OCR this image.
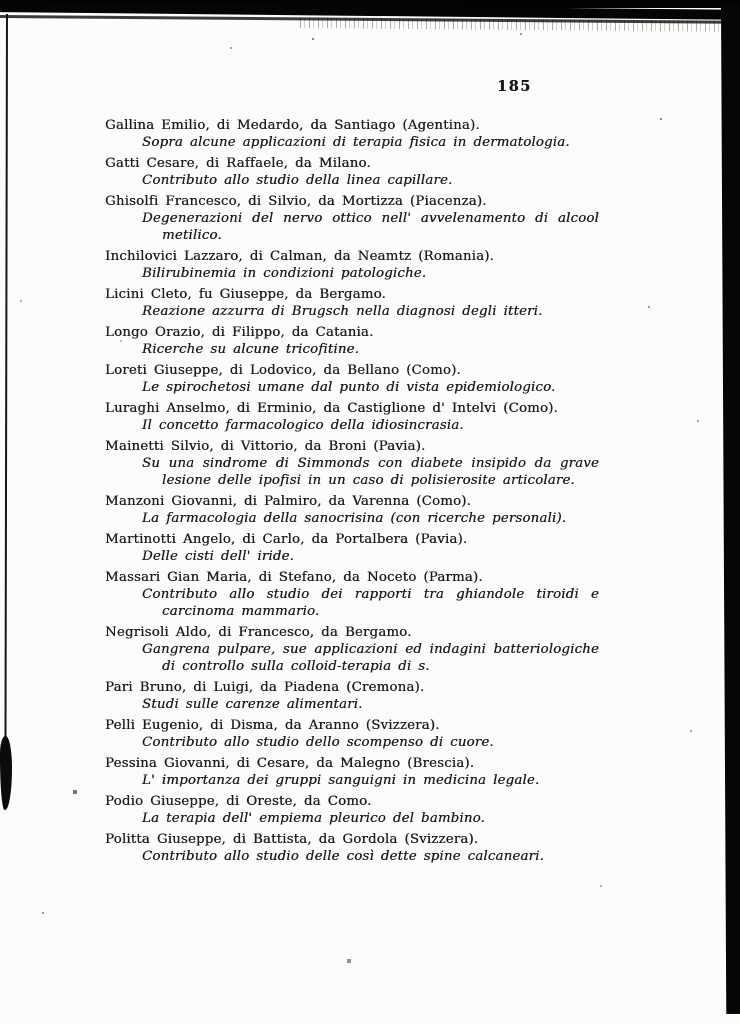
185
Gallina Emilio, di Medardo, da Santiago (Agentina).
Sopra alcune applicazioni di terapia fisica in dermatologia.
Gatti Cesare, di Raffaele, da Milano.
Contributo allo studio della linea capillare.
Ghisolfi Francesco, di Silvio, da Mortizza (Piacenza).
Degenerazioni del nervo ottico nell' avvelenamento di alcool metilico.
Inchilovici Lazzaro, di Calman, da Neamtz (Romania).
Bilirubinemia in condizioni patologiche.
Licini Cleto, fu Giuseppe, da Bergamo.
Reazione azzurra di Brugsch nella diagnosi degli itteri.
Longo Orazio, di Filippo, da Catania.
Ricerche su alcune tricofitine.
Loreti Giuseppe, di Lodovico, da Bellano (Como).
Le spirochetosi umane dal punto di vista epidemiologico.
Luraghi Anselmo, di Erminio, da Castiglione d' Intelvi (Como).
Il concetto farmacologico della idiosincrasia.
Mainetti Silvio, di Vittorio, da Broni (Pavia).
Su una sindrome di Simmonds con diabete insipido da grave lesione delle ipofisi in un caso di polisierosite articolare.
Manzoni Giovanni, di Palmiro, da Varenna (Como).
La farmacologia della sanocrisina (con ricerche personali).
Martinotti Angelo, di Carlo, da Portalbera (Pavia).
Delle cisti dell' iride.
Massari Gian Maria, di Stefano, da Noceto (Parma).
Contributo allo studio dei rapporti tra ghiandole tiroidi e carcinoma mammario.
Negrisoli Aldo, di Francesco, da Bergamo.
Gangrena pulpare, sue applicazioni ed indagini batteriologiche di controllo sulla colloid-terapia di s.
Pari Bruno, di Luigi, da Piadena (Cremona).
Studi sulle carenze alimentari.
Pelli Eugenio, di Disma, da Aranno (Svizzera).
Contributo allo studio dello scompenso di cuore.
Pessina Giovanni, di Cesare, da Malegno (Brescia).
L' importanza dei gruppi sanguigni in medicina legale.
Podio Giuseppe, di Oreste, da Como.
La terapia dell' empiema pleurico del bambino.
Politta Giuseppe, di Battista, da Gordola (Svizzera).
Contributo allo studio delle così dette spine calcaneari.
